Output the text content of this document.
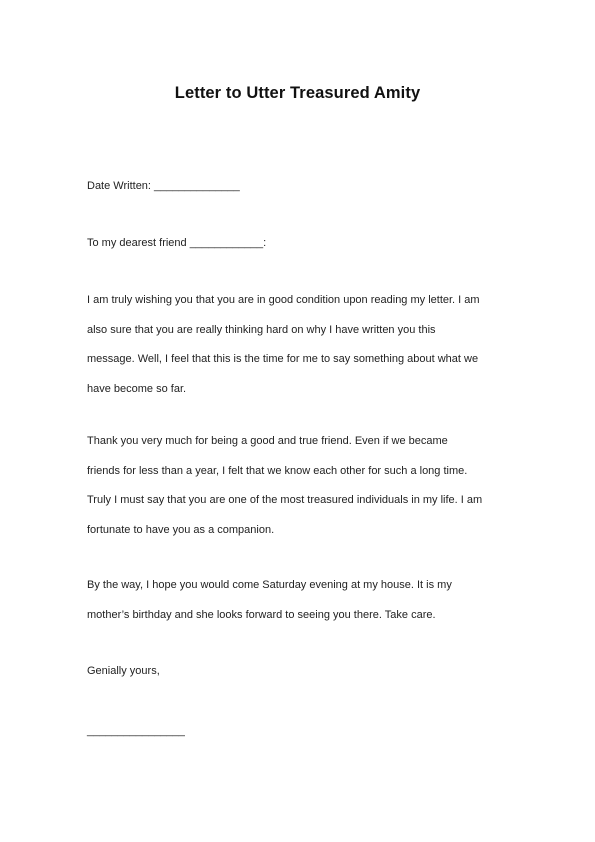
Letter to Utter Treasured Amity
Date Written: ______________
To my dearest friend ____________:
I am truly wishing you that you are in good condition upon reading my letter. I am
also sure that you are really thinking hard on why I have written you this
message. Well, I feel that this is the time for me to say something about what we
have become so far.
Thank you very much for being a good and true friend. Even if we became
friends for less than a year, I felt that we know each other for such a long time.
Truly I must say that you are one of the most treasured individuals in my life. I am
fortunate to have you as a companion.
By the way, I hope you would come Saturday evening at my house. It is my
mother’s birthday and she looks forward to seeing you there. Take care.
Genially yours,
________________
